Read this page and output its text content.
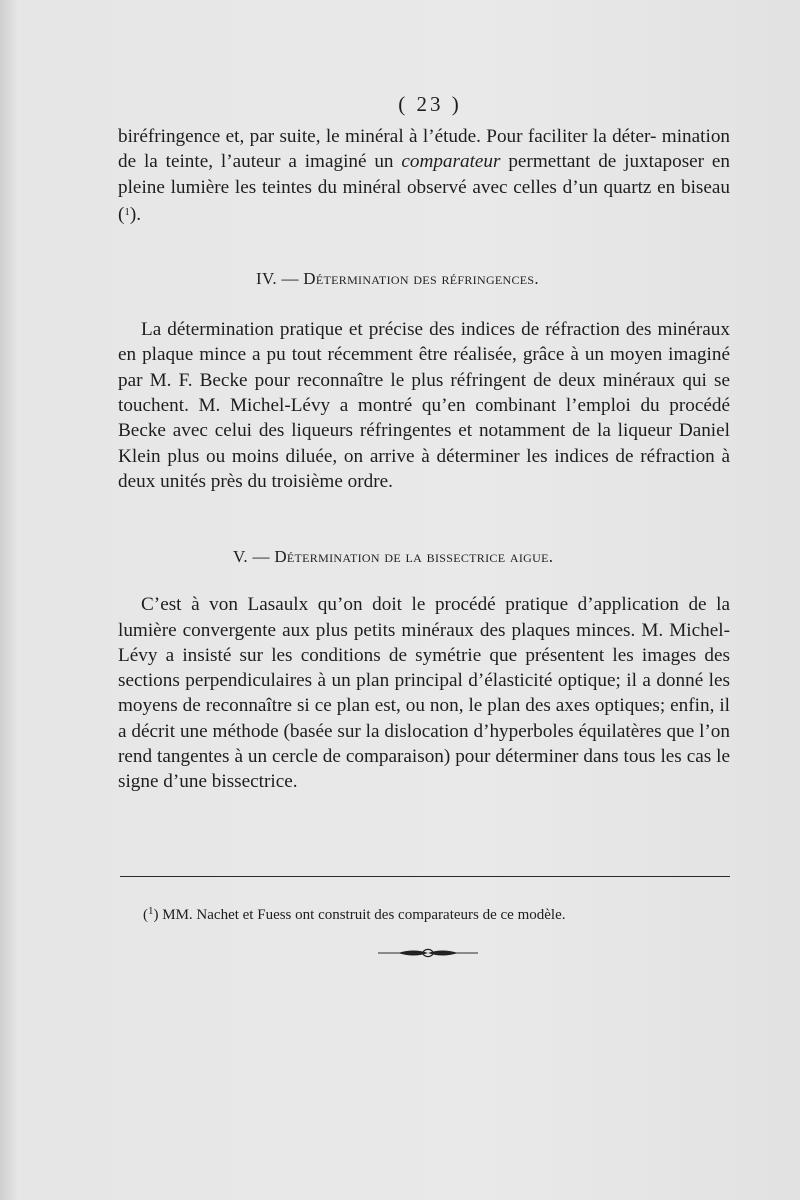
( 23 )

biréfringence et, par suite, le minéral à l’étude. Pour faciliter la déter- mination de la teinte, l’auteur a imaginé un comparateur permettant de juxtaposer en pleine lumière les teintes du minéral observé avec celles d’un quartz en biseau ($^1$).

IV. — Détermination des réfringences.

La détermination pratique et précise des indices de réfraction des minéraux en plaque mince a pu tout récemment être réalisée, grâce à un moyen imaginé par M. F. Becke pour reconnaître le plus réfringent de deux minéraux qui se touchent. M. Michel-Lévy a montré qu’en combinant l’emploi du procédé Becke avec celui des liqueurs réfringentes et notamment de la liqueur Daniel Klein plus ou moins diluée, on arrive à déterminer les indices de réfraction à deux unités près du troisième ordre.

V. — Détermination de la bissectrice aigue.

C’est à von Lasaulx qu’on doit le procédé pratique d’application de la lumière convergente aux plus petits minéraux des plaques minces. M. Michel-Lévy a insisté sur les conditions de symétrie que présentent les images des sections perpendiculaires à un plan principal d’élasticité optique; il a donné les moyens de reconnaître si ce plan est, ou non, le plan des axes optiques; enfin, il a décrit une méthode (basée sur la dislocation d’hyperboles équilatères que l’on rend tangentes à un cercle de comparaison) pour déterminer dans tous les cas le signe d’une bissectrice.

($^1$) MM. Nachet et Fuess ont construit des comparateurs de ce modèle.
